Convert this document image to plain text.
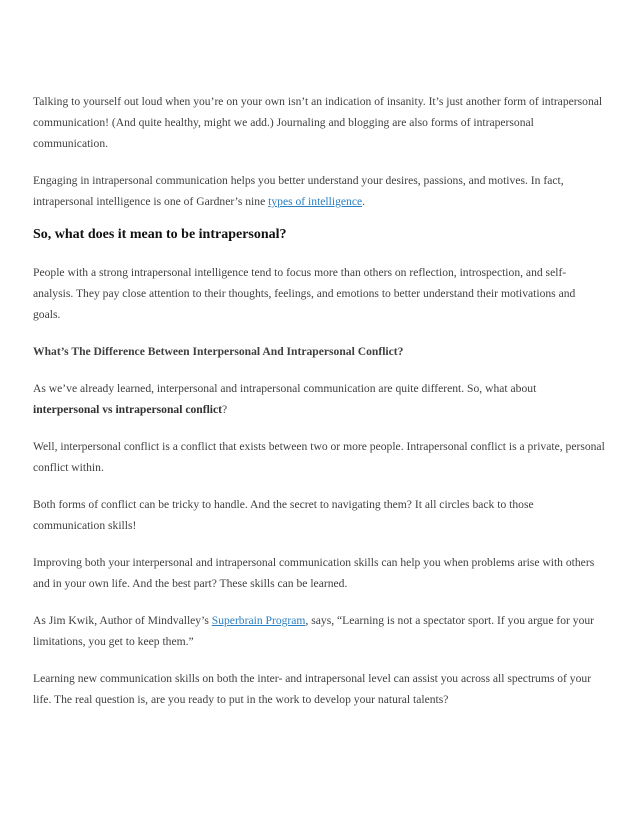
Talking to yourself out loud when you’re on your own isn’t an indication of insanity. It’s just another form of intrapersonal communication! (And quite healthy, might we add.) Journaling and blogging are also forms of intrapersonal communication.

Engaging in intrapersonal communication helps you better understand your desires, passions, and motives. In fact, intrapersonal intelligence is one of Gardner’s nine types of intelligence.

So, what does it mean to be intrapersonal?

People with a strong intrapersonal intelligence tend to focus more than others on reflection, introspection, and self-analysis. They pay close attention to their thoughts, feelings, and emotions to better understand their motivations and goals.

What’s The Difference Between Interpersonal And Intrapersonal Conflict?

As we’ve already learned, interpersonal and intrapersonal communication are quite different. So, what about interpersonal vs intrapersonal conflict?

Well, interpersonal conflict is a conflict that exists between two or more people. Intrapersonal conflict is a private, personal conflict within.

Both forms of conflict can be tricky to handle. And the secret to navigating them? It all circles back to those communication skills!

Improving both your interpersonal and intrapersonal communication skills can help you when problems arise with others and in your own life. And the best part? These skills can be learned.

As Jim Kwik, Author of Mindvalley’s Superbrain Program, says, “Learning is not a spectator sport. If you argue for your limitations, you get to keep them.”

Learning new communication skills on both the inter- and intrapersonal level can assist you across all spectrums of your life. The real question is, are you ready to put in the work to develop your natural talents?
